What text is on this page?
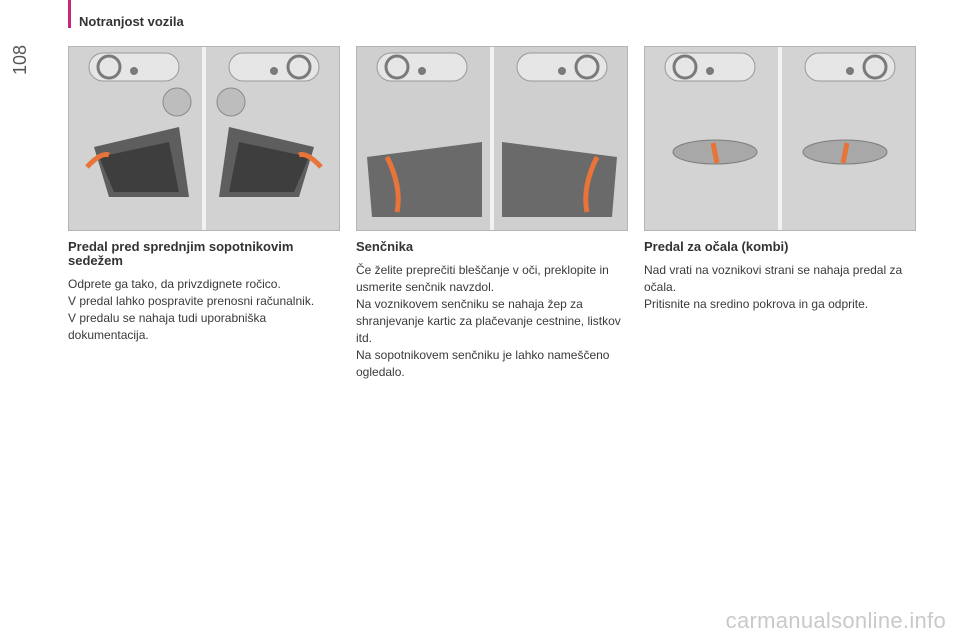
108
Notranjost vozila
Predal pred sprednjim sopotnikovim sedežem

Odprete ga tako, da privzdignete ročico.

V predal lahko pospravite prenosni računalnik.

V predalu se nahaja tudi uporabniška dokumentacija.

Senčnika

Če želite preprečiti bleščanje v oči, preklopite in usmerite senčnik navzdol.

Na voznikovem senčniku se nahaja žep za shranjevanje kartic za plačevanje cestnine, listkov itd.

Na sopotnikovem senčniku je lahko nameščeno ogledalo.

Predal za očala (kombi)

Nad vrati na voznikovi strani se nahaja predal za očala.

Pritisnite na sredino pokrova in ga odprite.

carmanualsonline.info
